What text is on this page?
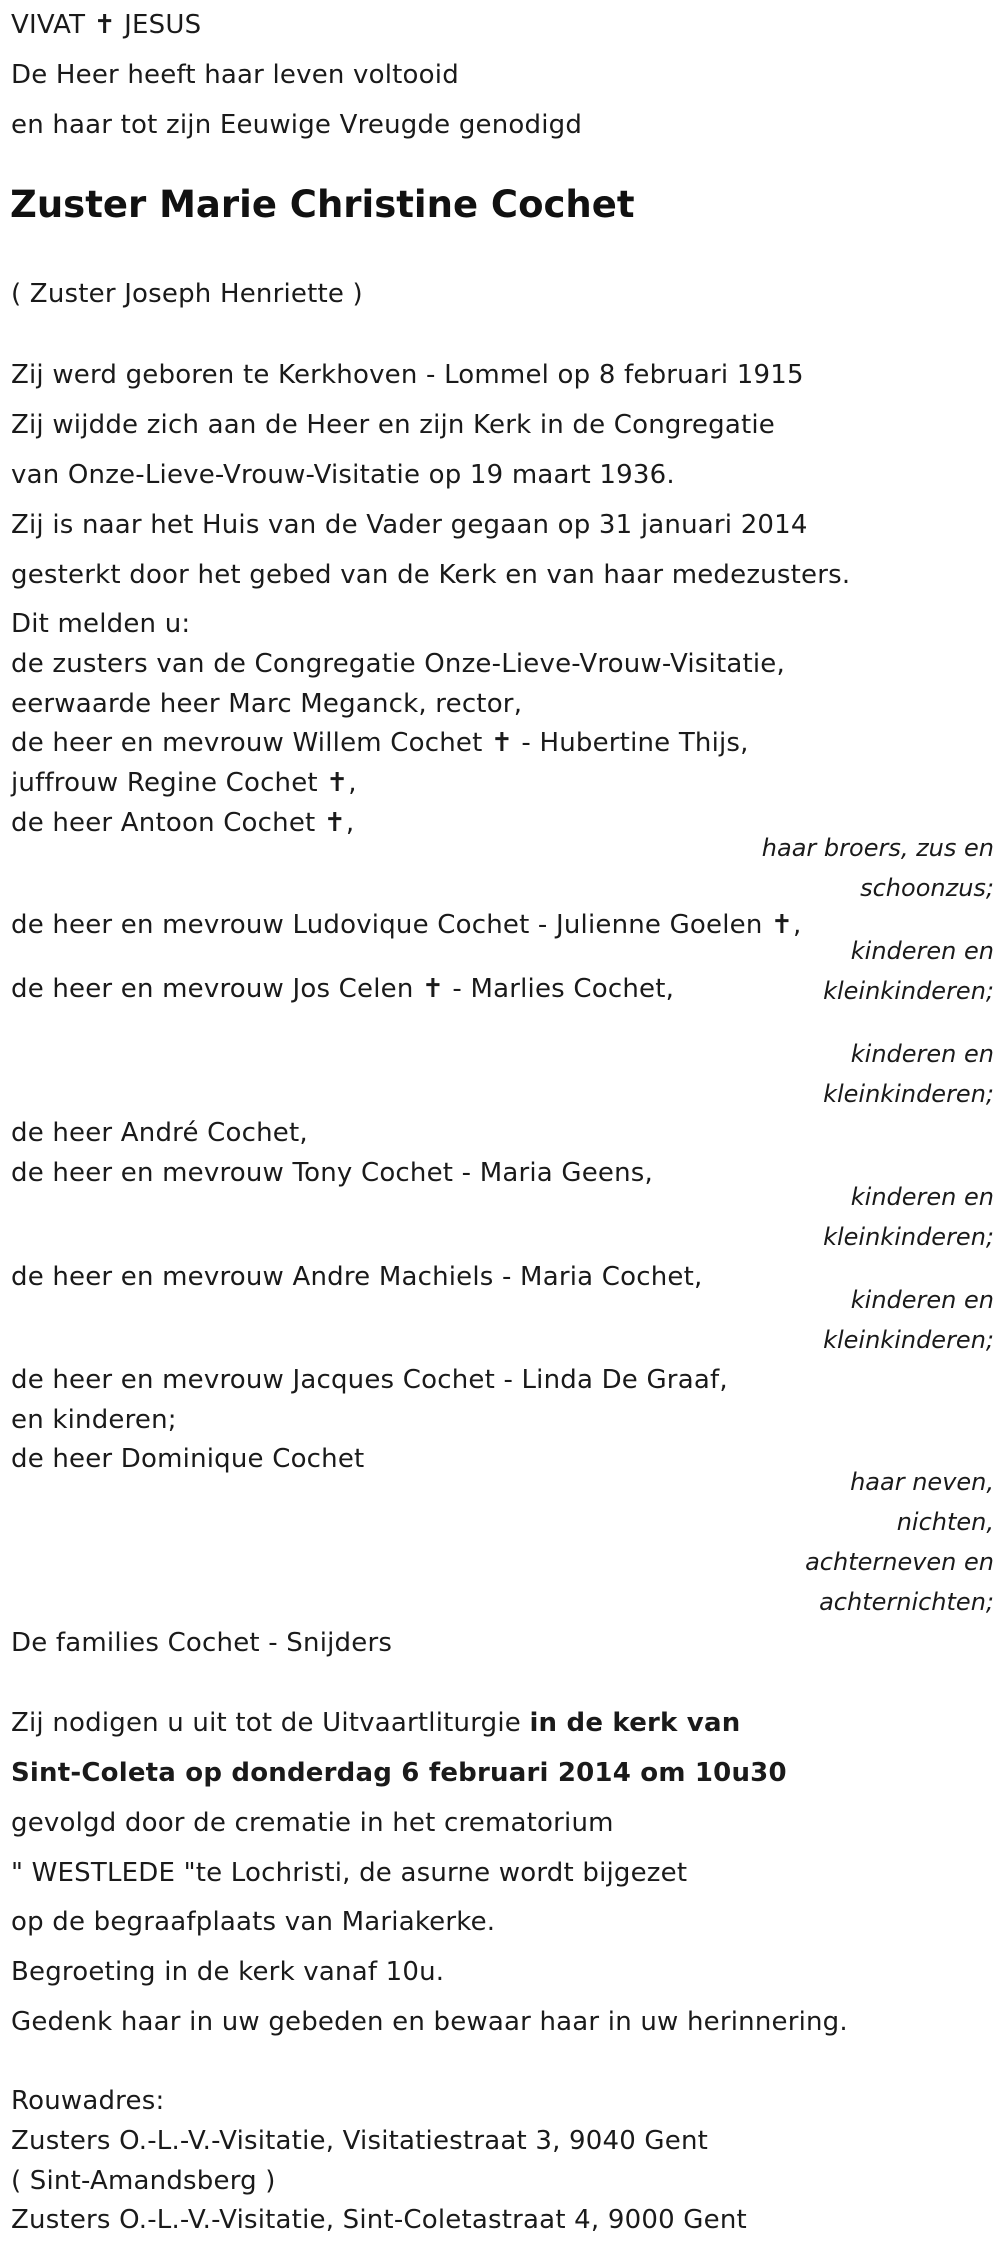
VIVAT ✝ JESUS
De Heer heeft haar leven voltooid
en haar tot zijn Eeuwige Vreugde genodigd
Zuster Marie Christine Cochet
( Zuster Joseph Henriette )
Zij werd geboren te Kerkhoven - Lommel op 8 februari 1915
Zij wijdde zich aan de Heer en zijn Kerk in de Congregatie
van Onze-Lieve-Vrouw-Visitatie op 19 maart 1936.
Zij is naar het Huis van de Vader gegaan op 31 januari 2014
gesterkt door het gebed van de Kerk en van haar medezusters.
Dit melden u:
de zusters van de Congregatie Onze-Lieve-Vrouw-Visitatie,
eerwaarde heer Marc Meganck, rector,
de heer en mevrouw Willem Cochet ✝ - Hubertine Thijs,
juffrouw Regine Cochet ✝,
de heer Antoon Cochet ✝,
haar broers, zus en
schoonzus;
de heer en mevrouw Ludovique Cochet - Julienne Goelen ✝,
kinderen en
kleinkinderen;
de heer en mevrouw Jos Celen ✝ - Marlies Cochet,
kinderen en
kleinkinderen;
de heer André Cochet,
de heer en mevrouw Tony Cochet - Maria Geens,
kinderen en
kleinkinderen;
de heer en mevrouw Andre Machiels - Maria Cochet,
kinderen en
kleinkinderen;
de heer en mevrouw Jacques Cochet - Linda De Graaf,
en kinderen;
de heer Dominique Cochet
haar neven,
nichten,
achterneven en
achternichten;
De families Cochet - Snijders
Zij nodigen u uit tot de Uitvaartliturgie in de kerk van
Sint-Coleta op donderdag 6 februari 2014 om 10u30
gevolgd door de crematie in het crematorium
" WESTLEDE "te Lochristi, de asurne wordt bijgezet
op de begraafplaats van Mariakerke.
Begroeting in de kerk vanaf 10u.
Gedenk haar in uw gebeden en bewaar haar in uw herinnering.
Rouwadres:
Zusters O.-L.-V.-Visitatie, Visitatiestraat 3, 9040 Gent
( Sint-Amandsberg )
Zusters O.-L.-V.-Visitatie, Sint-Coletastraat 4, 9000 Gent
